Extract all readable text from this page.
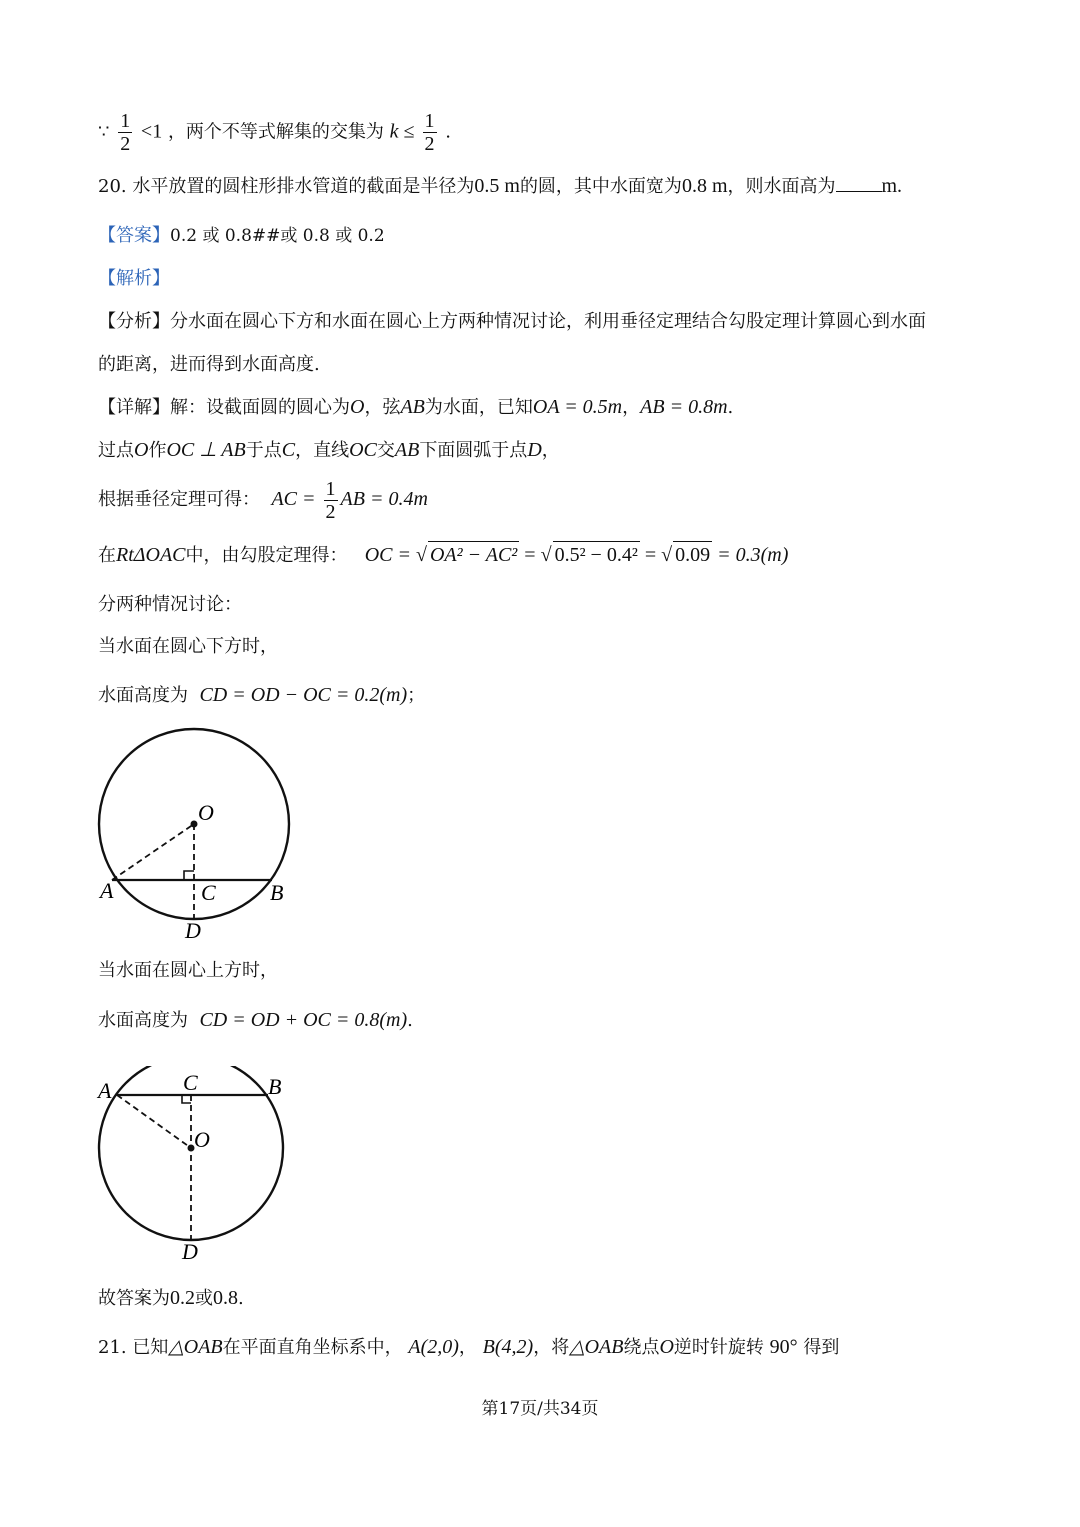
∵ $\frac{1}{2} <1$ ，两个不等式解集的交集为 $k \le \frac{1}{2}$ .
20. 水平放置的圆柱形排水管道的截面是半径为0.5 m的圆，其中水面宽为0.8 m，则水面高为 m.
【答案】0.2 或 0.8##或 0.8 或 0.2
【解析】
【分析】分水面在圆心下方和水面在圆心上方两种情况讨论，利用垂径定理结合勾股定理计算圆心到水面
的距离，进而得到水面高度.
【详解】解：设截面圆的圆心为O，弦AB为水面，已知OA = 0.5m，AB = 0.8m.
过点O作OC ⊥ AB于点C，直线OC交AB下面圆弧于点D，
根据垂径定理可得： AC = $\frac{1}{2}$ AB = 0.4m
在RtΔOAC中，由勾股定理得： OC = √ OA² − AC² = √ 0.5² − 0.4² = √ 0.09 = 0.3(m)
分两种情况讨论：
当水面在圆心下方时，
水面高度为 CD = OD − OC = 0.2(m)；
O
A	B
C
D
当水面在圆心上方时，
水面高度为 CD = OD + OC = 0.8(m).
O
A	B
C
D
故答案为0.2或0.8.
21. 已知△OAB在平面直角坐标系中， A(2,0)， B(4,2)，将△OAB绕点O逆时针旋转 90° 得到
第17页/共34页
